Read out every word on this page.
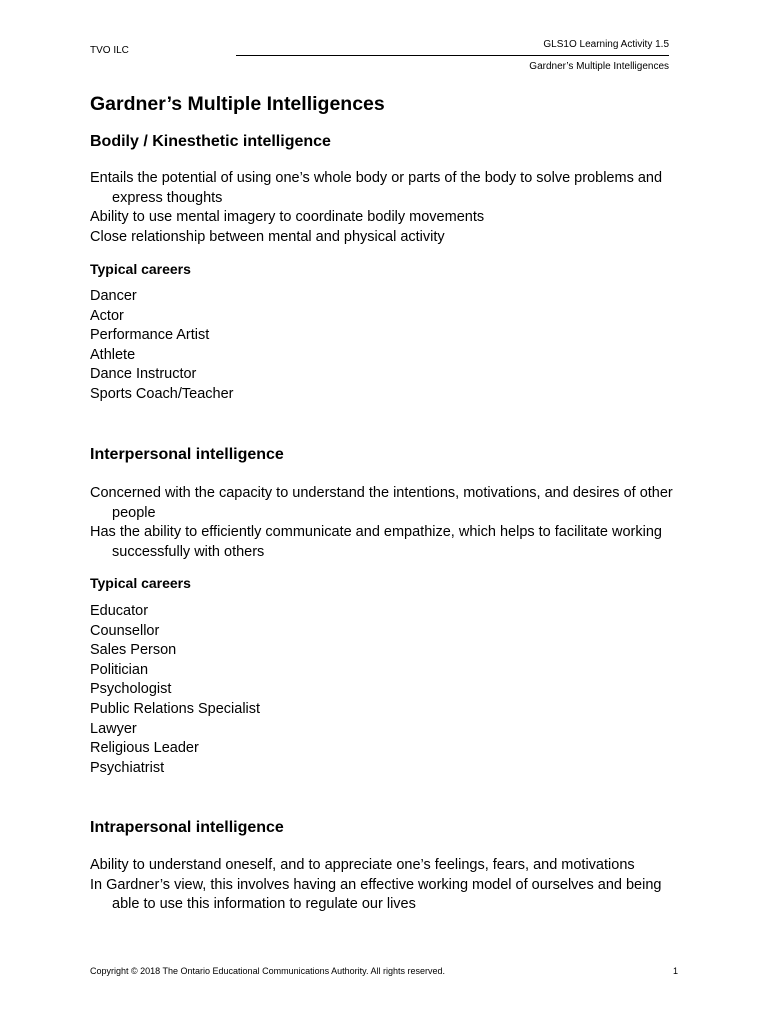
TVO ILC
GLS1O Learning Activity 1.5
Gardner’s Multiple Intelligences
Gardner’s Multiple Intelligences
Bodily / Kinesthetic intelligence
Entails the potential of using one’s whole body or parts of the body to solve problems and express thoughts
Ability to use mental imagery to coordinate bodily movements
Close relationship between mental and physical activity
Typical careers
Dancer
Actor
Performance Artist
Athlete
Dance Instructor
Sports Coach/Teacher
Interpersonal intelligence
Concerned with the capacity to understand the intentions, motivations, and desires of other people
Has the ability to efficiently communicate and empathize, which helps to facilitate working successfully with others
Typical careers
Educator
Counsellor
Sales Person
Politician
Psychologist
Public Relations Specialist
Lawyer
Religious Leader
Psychiatrist
Intrapersonal intelligence
Ability to understand oneself, and to appreciate one’s feelings, fears, and motivations
In Gardner’s view, this involves having an effective working model of ourselves and being able to use this information to regulate our lives
Copyright © 2018 The Ontario Educational Communications Authority. All rights reserved.	1
